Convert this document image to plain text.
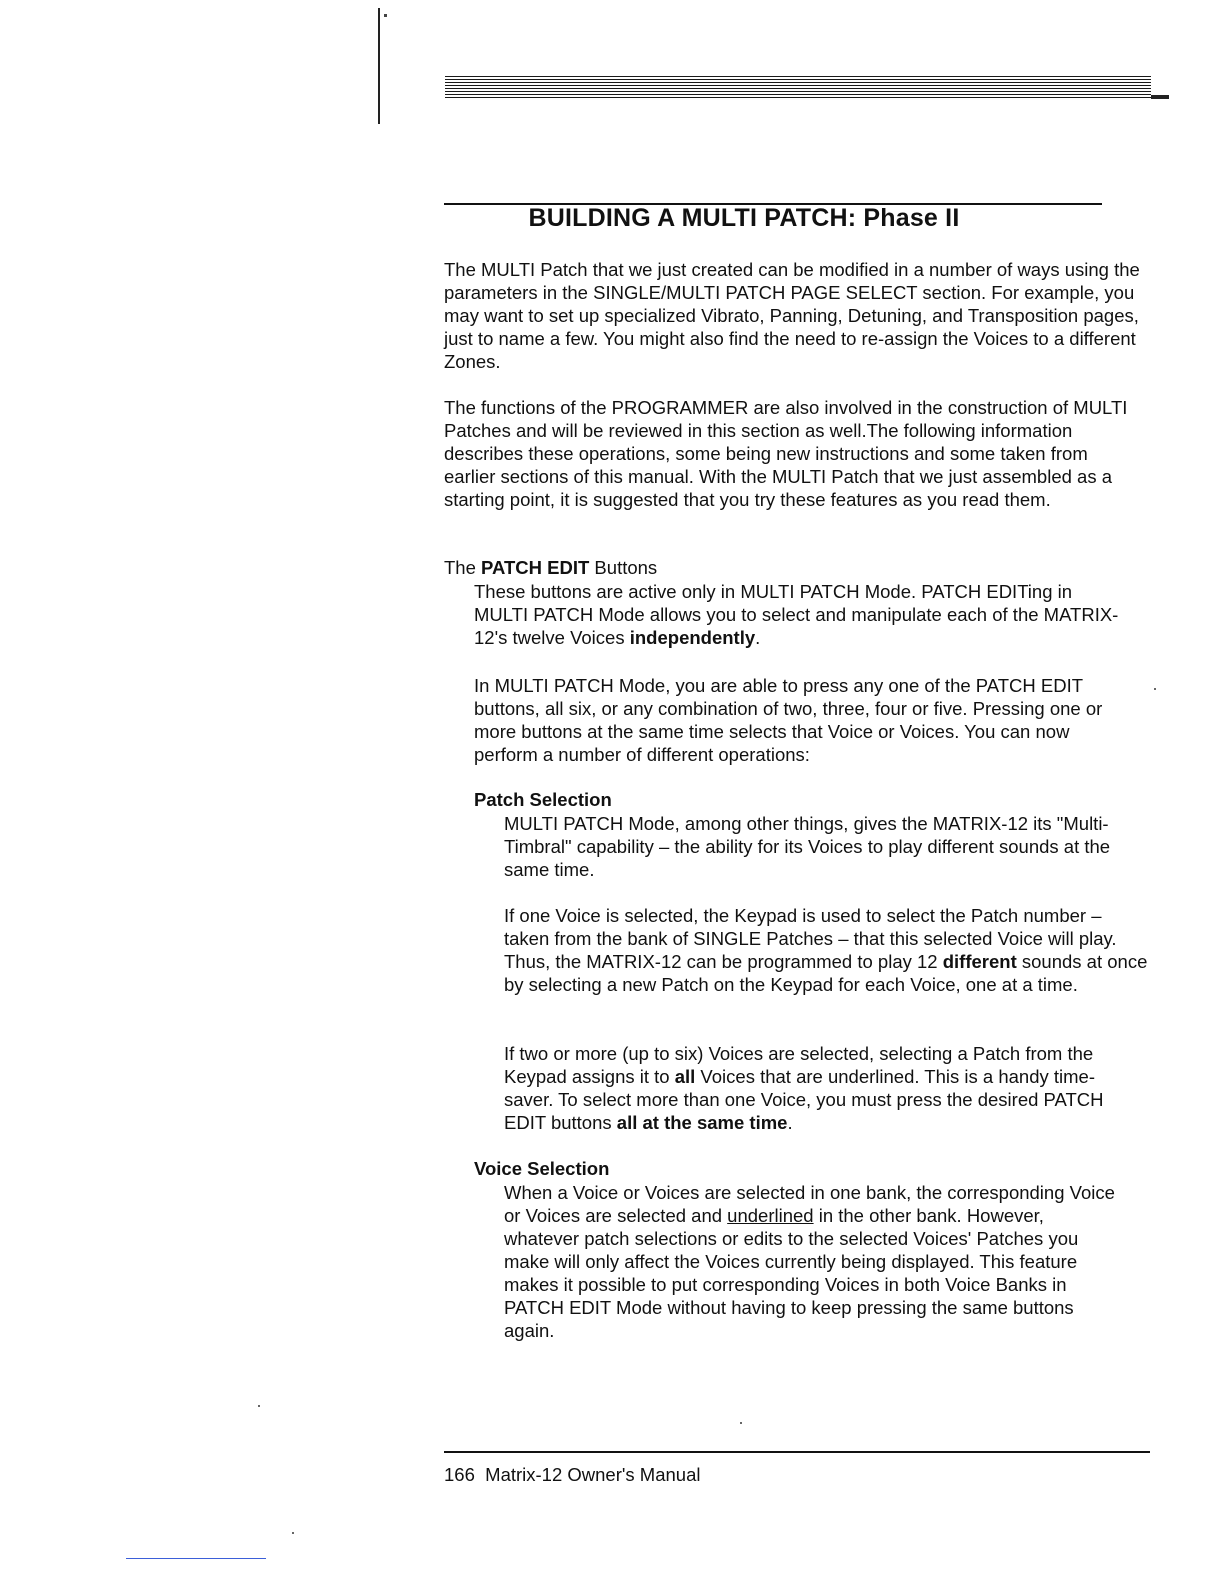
BUILDING A MULTI PATCH: Phase II

The MULTI Patch that we just created can be modified in a number of ways using the parameters in the SINGLE/MULTI PATCH PAGE SELECT section. For example, you may want to set up specialized Vibrato, Panning, Detuning, and Transposition pages, just to name a few. You might also find the need to re-assign the Voices to a different Zones.

The functions of the PROGRAMMER are also involved in the construction of MULTI Patches and will be reviewed in this section as well.The following information describes these operations, some being new instructions and some taken from earlier sections of this manual. With the MULTI Patch that we just assembled as a starting point, it is suggested that you try these features as you read them.

The PATCH EDIT Buttons

These buttons are active only in MULTI PATCH Mode. PATCH EDITing in MULTI PATCH Mode allows you to select and manipulate each of the MATRIX-12's twelve Voices independently.

In MULTI PATCH Mode, you are able to press any one of the PATCH EDIT buttons, all six, or any combination of two, three, four or five. Pressing one or more buttons at the same time selects that Voice or Voices. You can now perform a number of different operations:

Patch Selection

MULTI PATCH Mode, among other things, gives the MATRIX-12 its "Multi-Timbral" capability – the ability for its Voices to play different sounds at the same time.

If one Voice is selected, the Keypad is used to select the Patch number – taken from the bank of SINGLE Patches – that this selected Voice will play. Thus, the MATRIX-12 can be programmed to play 12 different sounds at once by selecting a new Patch on the Keypad for each Voice, one at a time.

If two or more (up to six) Voices are selected, selecting a Patch from the Keypad assigns it to all Voices that are underlined. This is a handy time-saver. To select more than one Voice, you must press the desired PATCH EDIT buttons all at the same time.

Voice Selection

When a Voice or Voices are selected in one bank, the corresponding Voice or Voices are selected and underlined in the other bank. However, whatever patch selections or edits to the selected Voices' Patches you make will only affect the Voices currently being displayed. This feature makes it possible to put corresponding Voices in both Voice Banks in PATCH EDIT Mode without having to keep pressing the same buttons again.

166 Matrix-12 Owner's Manual
